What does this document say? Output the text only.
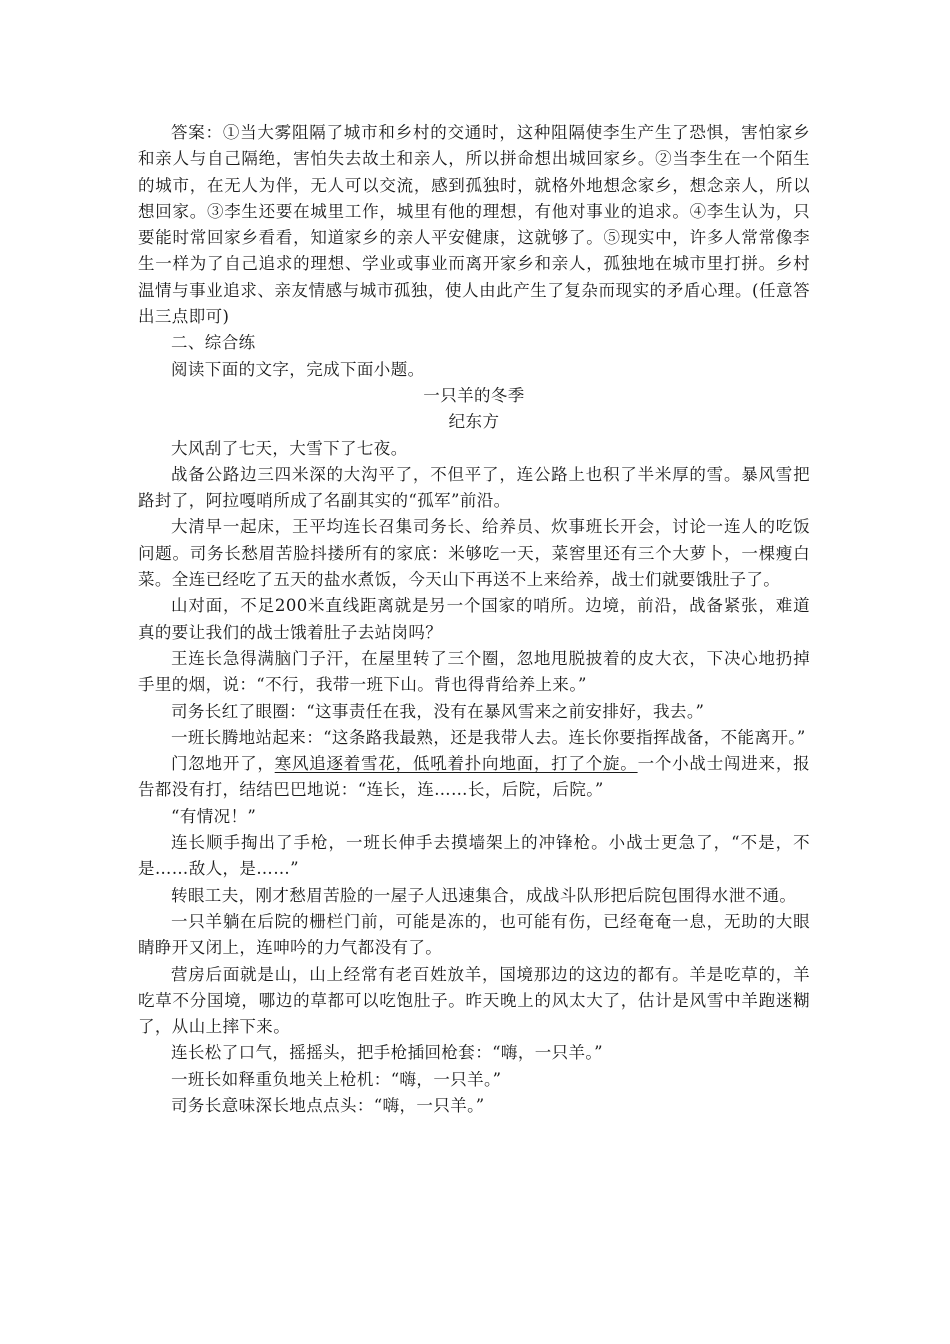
答案：①当大雾阻隔了城市和乡村的交通时，这种阻隔使李生产生了恐惧，害怕家乡和亲人与自己隔绝，害怕失去故土和亲人，所以拼命想出城回家乡。②当李生在一个陌生的城市，在无人为伴，无人可以交流，感到孤独时，就格外地想念家乡，想念亲人，所以想回家。③李生还要在城里工作，城里有他的理想，有他对事业的追求。④李生认为，只要能时常回家乡看看，知道家乡的亲人平安健康，这就够了。⑤现实中，许多人常常像李生一样为了自己追求的理想、学业或事业而离开家乡和亲人，孤独地在城市里打拼。乡村温情与事业追求、亲友情感与城市孤独，使人由此产生了复杂而现实的矛盾心理。(任意答出三点即可)

二、综合练

阅读下面的文字，完成下面小题。

一只羊的冬季

纪东方

大风刮了七天，大雪下了七夜。

战备公路边三四米深的大沟平了，不但平了，连公路上也积了半米厚的雪。暴风雪把路封了，阿拉嘎哨所成了名副其实的“孤军”前沿。

大清早一起床，王平均连长召集司务长、给养员、炊事班长开会，讨论一连人的吃饭问题。司务长愁眉苦脸抖搂所有的家底：米够吃一天，菜窖里还有三个大萝卜，一棵瘦白菜。全连已经吃了五天的盐水煮饭，今天山下再送不上来给养，战士们就要饿肚子了。

山对面，不足200米直线距离就是另一个国家的哨所。边境，前沿，战备紧张，难道真的要让我们的战士饿着肚子去站岗吗？

王连长急得满脑门子汗，在屋里转了三个圈，忽地甩脱披着的皮大衣，下决心地扔掉手里的烟，说：“不行，我带一班下山。背也得背给养上来。”

司务长红了眼圈：“这事责任在我，没有在暴风雪来之前安排好，我去。”

一班长腾地站起来：“这条路我最熟，还是我带人去。连长你要指挥战备，不能离开。”

门忽地开了，寒风追逐着雪花，低吼着扑向地面，打了个旋。一个小战士闯进来，报告都没有打，结结巴巴地说：“连长，连……长，后院，后院。”

“有情况！”

连长顺手掏出了手枪，一班长伸手去摸墙架上的冲锋枪。小战士更急了，“不是，不是……敌人，是……”

转眼工夫，刚才愁眉苦脸的一屋子人迅速集合，成战斗队形把后院包围得水泄不通。

一只羊躺在后院的栅栏门前，可能是冻的，也可能有伤，已经奄奄一息，无助的大眼睛睁开又闭上，连呻吟的力气都没有了。

营房后面就是山，山上经常有老百姓放羊，国境那边的这边的都有。羊是吃草的，羊吃草不分国境，哪边的草都可以吃饱肚子。昨天晚上的风太大了，估计是风雪中羊跑迷糊了，从山上摔下来。

连长松了口气，摇摇头，把手枪插回枪套：“嗨，一只羊。”

一班长如释重负地关上枪机：“嗨，一只羊。”

司务长意味深长地点点头：“嗨，一只羊。”
